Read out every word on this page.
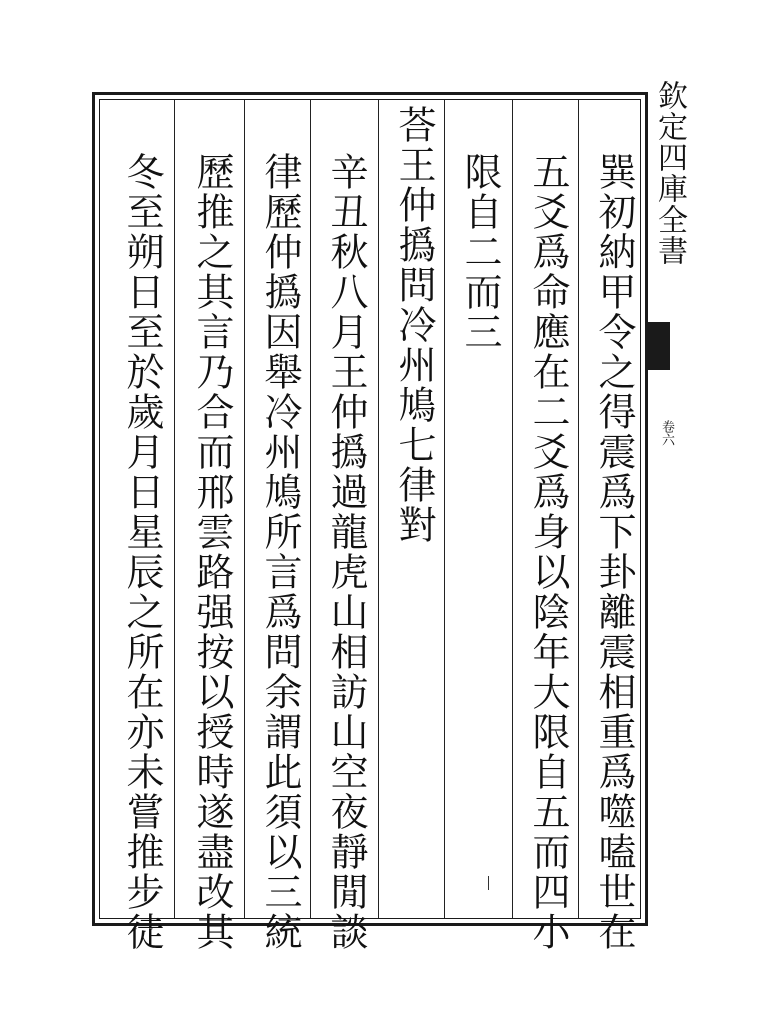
欽定四庫全書
卷六
巽初納甲令之得震爲下卦離震相重爲噬嗑世在
五爻爲命應在二爻爲身以陰年大限自五而四小
限自二而三
荅王仲撝問冷州鳩七律對
辛丑秋八月王仲撝過龍虎山相訪山空夜靜閒談
律歷仲撝因舉冷州鳩所言爲問余謂此須以三統
歷推之其言乃合而邢雲路强按以授時遂盡改其
冬至朔日至於歲月日星辰之所在亦未嘗推步徒
